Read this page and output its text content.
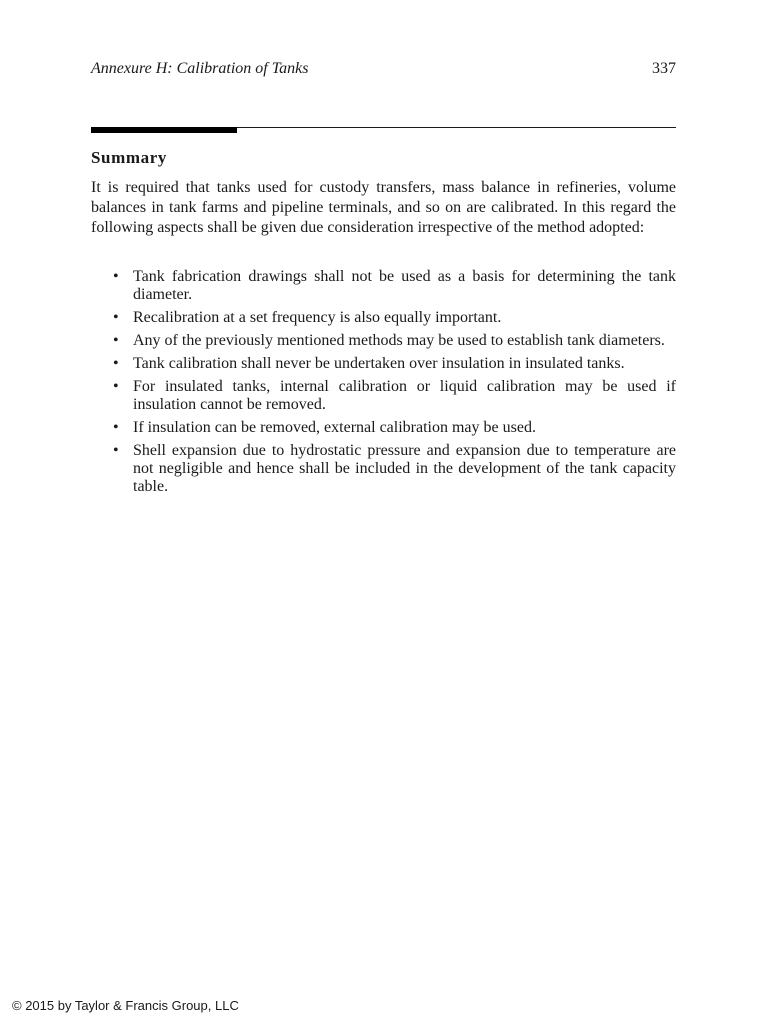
Annexure H: Calibration of Tanks	337
Summary

It is required that tanks used for custody transfers, mass balance in refineries, volume balances in tank farms and pipeline terminals, and so on are calibrated. In this regard the following aspects shall be given due consideration irrespective of the method adopted:

• Tank fabrication drawings shall not be used as a basis for determining the tank diameter.
• Recalibration at a set frequency is also equally important.
• Any of the previously mentioned methods may be used to establish tank diameters.
• Tank calibration shall never be undertaken over insulation in insulated tanks.
• For insulated tanks, internal calibration or liquid calibration may be used if insulation cannot be removed.
• If insulation can be removed, external calibration may be used.
• Shell expansion due to hydrostatic pressure and expansion due to temperature are not negligible and hence shall be included in the development of the tank capacity table.
© 2015 by Taylor & Francis Group, LLC
